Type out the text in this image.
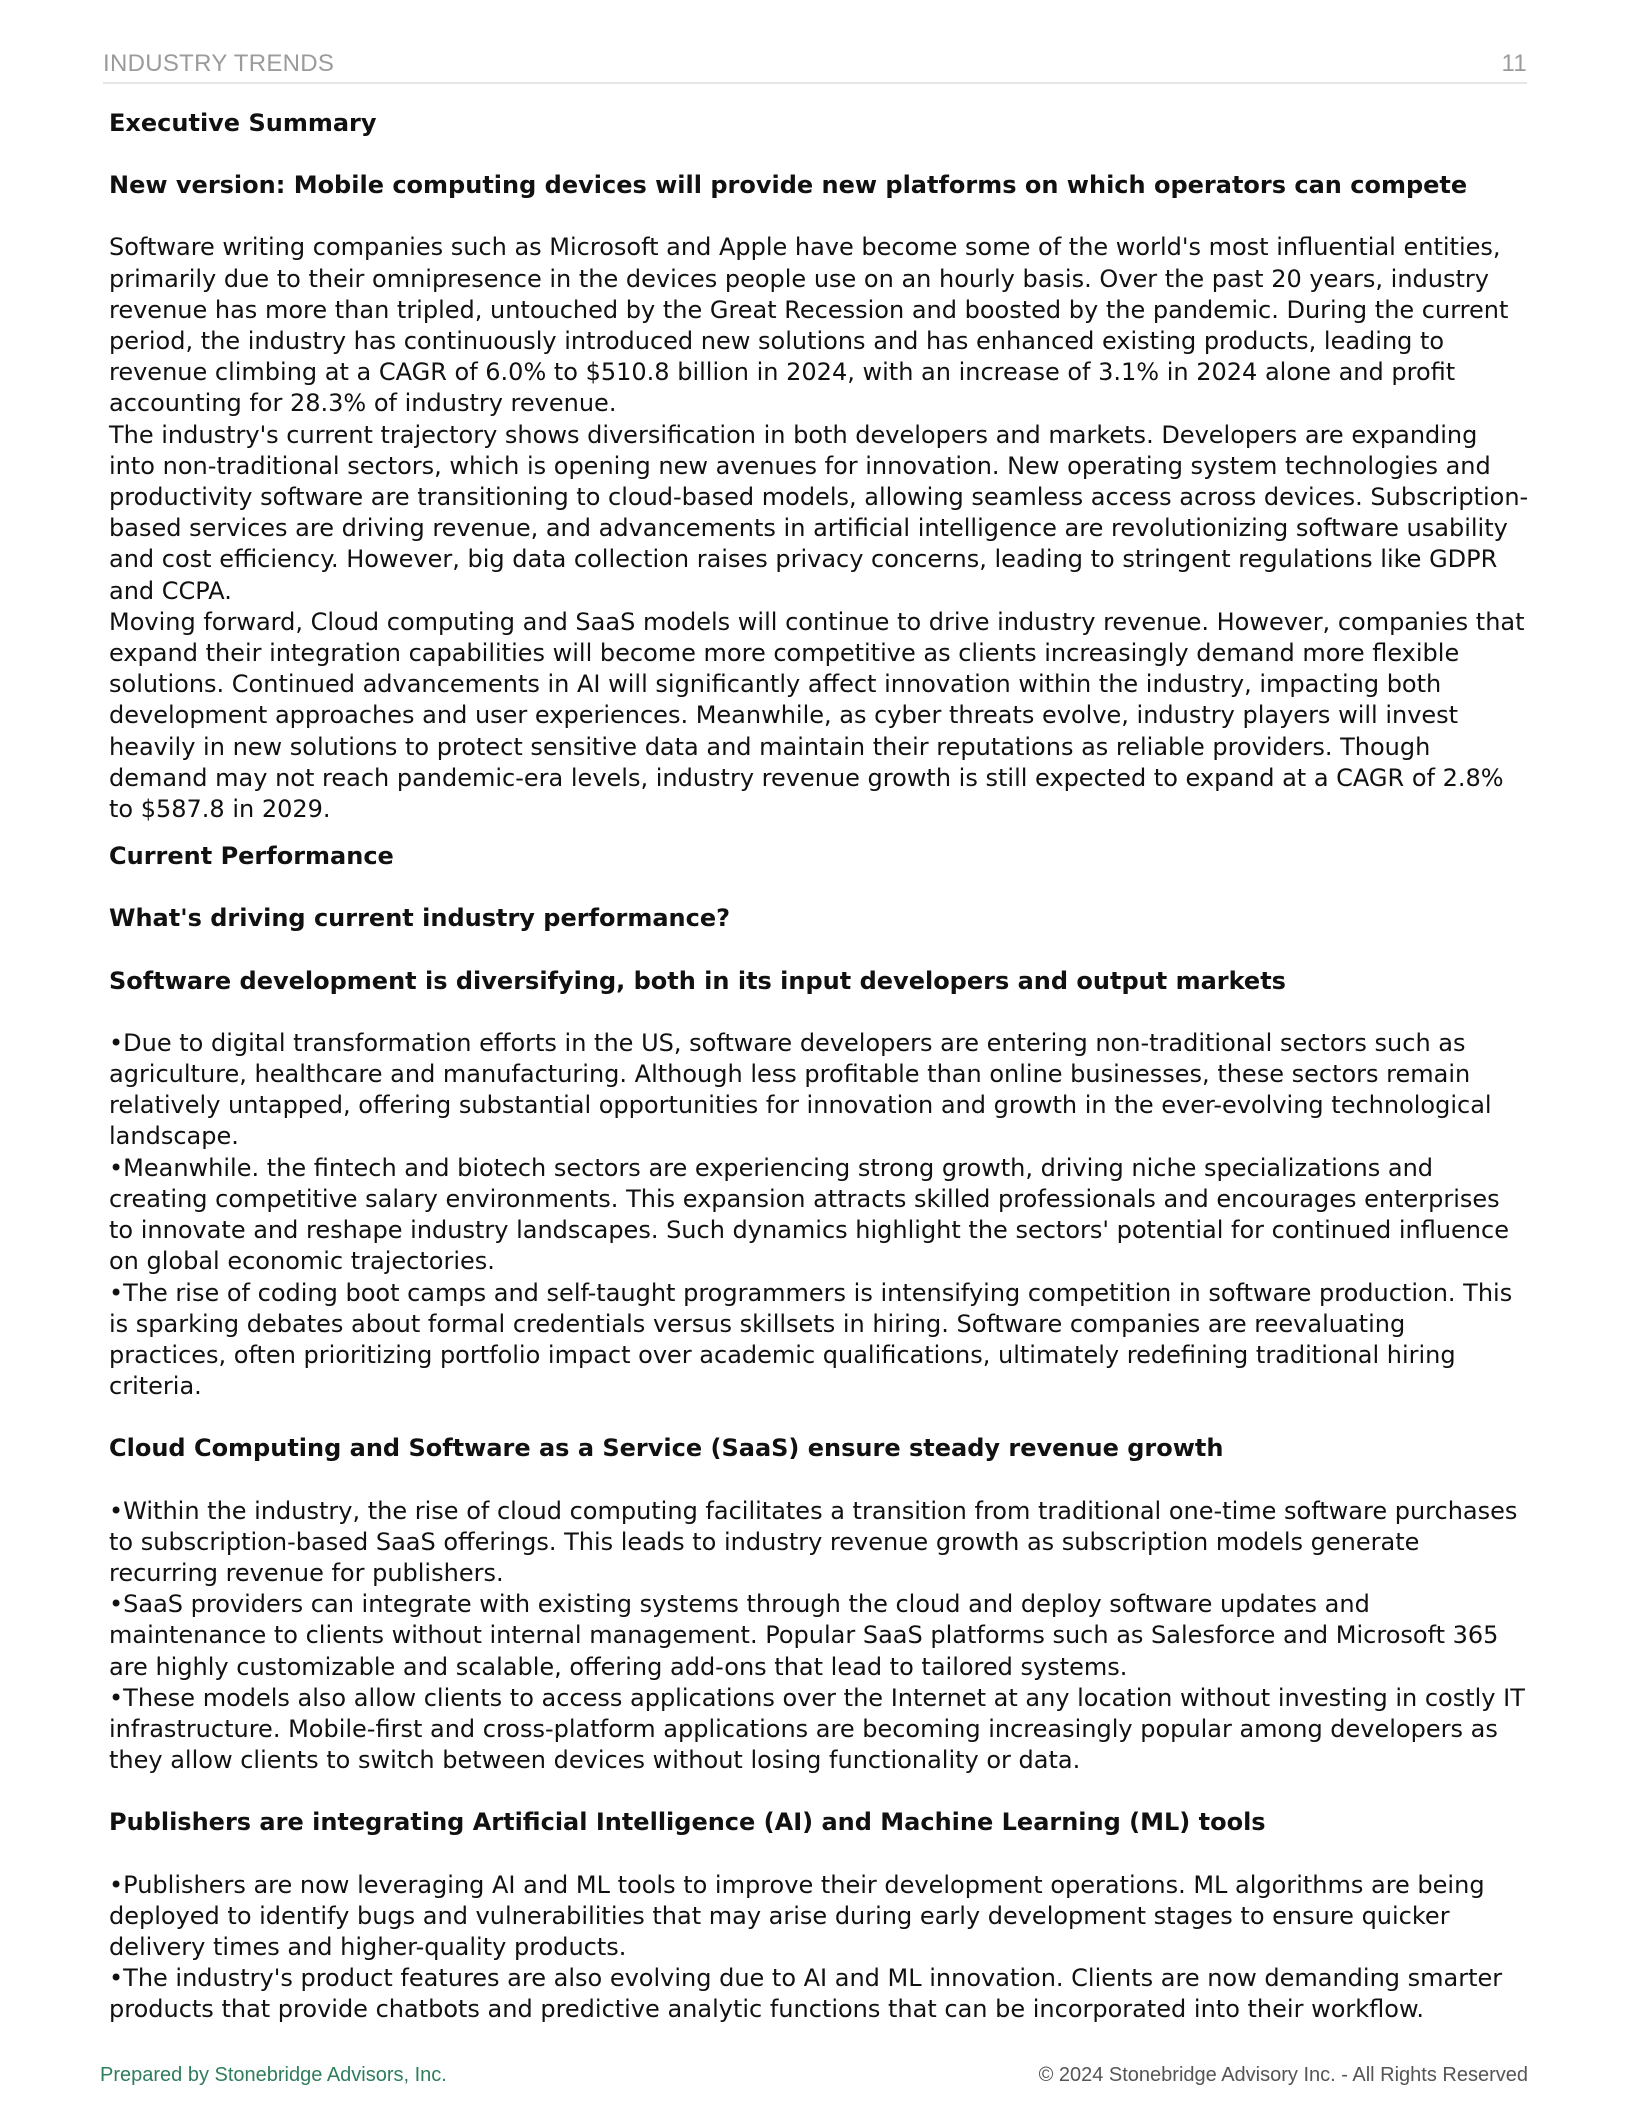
INDUSTRY TRENDS	11
Executive Summary
New version: Mobile computing devices will provide new platforms on which operators can compete

Software writing companies such as Microsoft and Apple have become some of the world's most influential entities, primarily due to their omnipresence in the devices people use on an hourly basis. Over the past 20 years, industry revenue has more than tripled, untouched by the Great Recession and boosted by the pandemic. During the current period, the industry has continuously introduced new solutions and has enhanced existing products, leading to revenue climbing at a CAGR of 6.0% to $510.8 billion in 2024, with an increase of 3.1% in 2024 alone and profit accounting for 28.3% of industry revenue.

The industry's current trajectory shows diversification in both developers and markets. Developers are expanding into non-traditional sectors, which is opening new avenues for innovation. New operating system technologies and productivity software are transitioning to cloud-based models, allowing seamless access across devices. Subscription-based services are driving revenue, and advancements in artificial intelligence are revolutionizing software usability and cost efficiency. However, big data collection raises privacy concerns, leading to stringent regulations like GDPR and CCPA.

Moving forward, Cloud computing and SaaS models will continue to drive industry revenue. However, companies that expand their integration capabilities will become more competitive as clients increasingly demand more flexible solutions. Continued advancements in AI will significantly affect innovation within the industry, impacting both development approaches and user experiences. Meanwhile, as cyber threats evolve, industry players will invest heavily in new solutions to protect sensitive data and maintain their reputations as reliable providers. Though demand may not reach pandemic-era levels, industry revenue growth is still expected to expand at a CAGR of 2.8% to $587.8 in 2029.

Current Performance
What's driving current industry performance?
Software development is diversifying, both in its input developers and output markets

•Due to digital transformation efforts in the US, software developers are entering non-traditional sectors such as agriculture, healthcare and manufacturing. Although less profitable than online businesses, these sectors remain relatively untapped, offering substantial opportunities for innovation and growth in the ever-evolving technological landscape.

•Meanwhile. the fintech and biotech sectors are experiencing strong growth, driving niche specializations and creating competitive salary environments. This expansion attracts skilled professionals and encourages enterprises to innovate and reshape industry landscapes. Such dynamics highlight the sectors' potential for continued influence on global economic trajectories.

•The rise of coding boot camps and self-taught programmers is intensifying competition in software production. This is sparking debates about formal credentials versus skillsets in hiring. Software companies are reevaluating practices, often prioritizing portfolio impact over academic qualifications, ultimately redefining traditional hiring criteria.

Cloud Computing and Software as a Service (SaaS) ensure steady revenue growth

•Within the industry, the rise of cloud computing facilitates a transition from traditional one-time software purchases to subscription-based SaaS offerings. This leads to industry revenue growth as subscription models generate recurring revenue for publishers.

•SaaS providers can integrate with existing systems through the cloud and deploy software updates and maintenance to clients without internal management. Popular SaaS platforms such as Salesforce and Microsoft 365 are highly customizable and scalable, offering add-ons that lead to tailored systems.

•These models also allow clients to access applications over the Internet at any location without investing in costly IT infrastructure. Mobile-first and cross-platform applications are becoming increasingly popular among developers as they allow clients to switch between devices without losing functionality or data.

Publishers are integrating Artificial Intelligence (AI) and Machine Learning (ML) tools

•Publishers are now leveraging AI and ML tools to improve their development operations. ML algorithms are being deployed to identify bugs and vulnerabilities that may arise during early development stages to ensure quicker delivery times and higher-quality products.

•The industry's product features are also evolving due to AI and ML innovation. Clients are now demanding smarter products that provide chatbots and predictive analytic functions that can be incorporated into their workflow.

Prepared by Stonebridge Advisors, Inc.	© 2024 Stonebridge Advisory Inc. - All Rights Reserved
